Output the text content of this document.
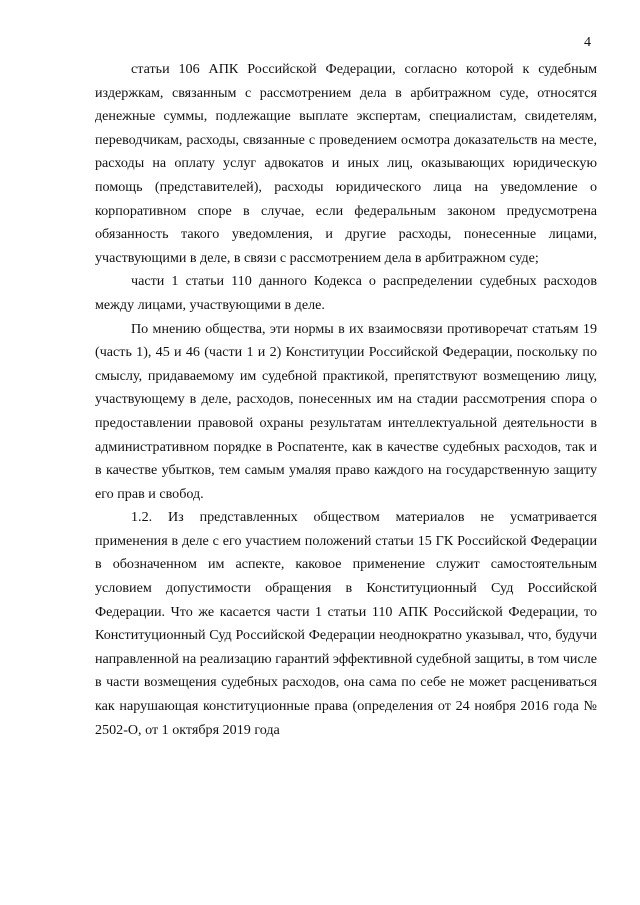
4

статьи 106 АПК Российской Федерации, согласно которой к судебным издержкам, связанным с рассмотрением дела в арбитражном суде, относятся денежные суммы, подлежащие выплате экспертам, специалистам, свидетелям, переводчикам, расходы, связанные с проведением осмотра доказательств на месте, расходы на оплату услуг адвокатов и иных лиц, оказывающих юридическую помощь (представителей), расходы юридического лица на уведомление о корпоративном споре в случае, если федеральным законом предусмотрена обязанность такого уведомления, и другие расходы, понесенные лицами, участвующими в деле, в связи с рассмотрением дела в арбитражном суде;

части 1 статьи 110 данного Кодекса о распределении судебных расходов между лицами, участвующими в деле.

По мнению общества, эти нормы в их взаимосвязи противоречат статьям 19 (часть 1), 45 и 46 (части 1 и 2) Конституции Российской Федерации, поскольку по смыслу, придаваемому им судебной практикой, препятствуют возмещению лицу, участвующему в деле, расходов, понесенных им на стадии рассмотрения спора о предоставлении правовой охраны результатам интеллектуальной деятельности в административном порядке в Роспатенте, как в качестве судебных расходов, так и в качестве убытков, тем самым умаляя право каждого на государственную защиту его прав и свобод.

1.2. Из представленных обществом материалов не усматривается применения в деле с его участием положений статьи 15 ГК Российской Федерации в обозначенном им аспекте, каковое применение служит самостоятельным условием допустимости обращения в Конституционный Суд Российской Федерации. Что же касается части 1 статьи 110 АПК Российской Федерации, то Конституционный Суд Российской Федерации неоднократно указывал, что, будучи направленной на реализацию гарантий эффективной судебной защиты, в том числе в части возмещения судебных расходов, она сама по себе не может расцениваться как нарушающая конституционные права (определения от 24 ноября 2016 года № 2502-О, от 1 октября 2019 года
